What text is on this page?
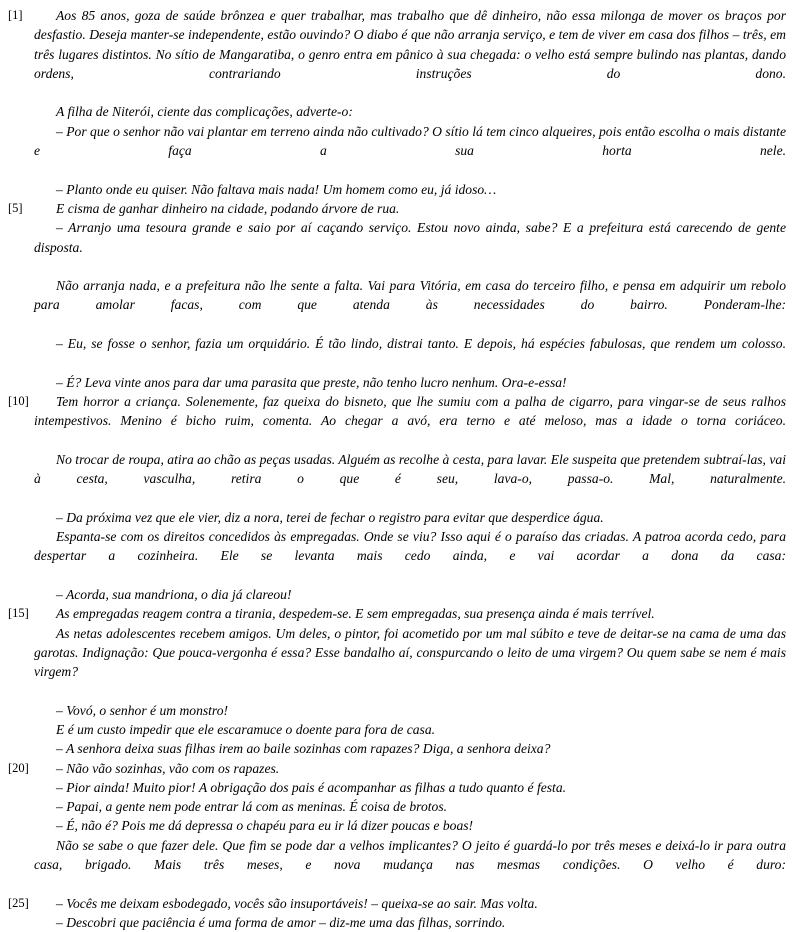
[1]	Aos 85 anos, goza de saúde brônzea e quer trabalhar, mas trabalho que dê dinheiro, não essa milonga de mover os braços por desfastio. Deseja manter-se independente, estão ouvindo? O diabo é que não arranja serviço, e tem de viver em casa dos filhos – três, em três lugares distintos. No sítio de Mangaratiba, o genro entra em pânico à sua chegada: o velho está sempre bulindo nas plantas, dando ordens, contrariando instruções do dono.

A filha de Niterói, ciente das complicações, adverte-o:

– Por que o senhor não vai plantar em terreno ainda não cultivado? O sítio lá tem cinco alqueires, pois então escolha o mais distante e faça a sua horta nele.

– Planto onde eu quiser. Não faltava mais nada! Um homem como eu, já idoso…

[5]	E cisma de ganhar dinheiro na cidade, podando árvore de rua.

– Arranjo uma tesoura grande e saio por aí caçando serviço. Estou novo ainda, sabe? E a prefeitura está carecendo de gente disposta.

Não arranja nada, e a prefeitura não lhe sente a falta. Vai para Vitória, em casa do terceiro filho, e pensa em adquirir um rebolo para amolar facas, com que atenda às necessidades do bairro. Ponderam-lhe:

– Eu, se fosse o senhor, fazia um orquidário. É tão lindo, distrai tanto. E depois, há espécies fabulosas, que rendem um colosso.

– É? Leva vinte anos para dar uma parasita que preste, não tenho lucro nenhum. Ora-e-essa!

[10]	Tem horror a criança. Solenemente, faz queixa do bisneto, que lhe sumiu com a palha de cigarro, para vingar-se de seus ralhos intempestivos. Menino é bicho ruim, comenta. Ao chegar a avó, era terno e até meloso, mas a idade o torna coriáceo.

No trocar de roupa, atira ao chão as peças usadas. Alguém as recolhe à cesta, para lavar. Ele suspeita que pretendem subtraí-las, vai à cesta, vasculha, retira o que é seu, lava-o, passa-o. Mal, naturalmente.

– Da próxima vez que ele vier, diz a nora, terei de fechar o registro para evitar que desperdice água.

Espanta-se com os direitos concedidos às empregadas. Onde se viu? Isso aqui é o paraíso das criadas. A patroa acorda cedo, para despertar a cozinheira. Ele se levanta mais cedo ainda, e vai acordar a dona da casa:

– Acorda, sua mandriona, o dia já clareou!

[15]	As empregadas reagem contra a tirania, despedem-se. E sem empregadas, sua presença ainda é mais terrível.

As netas adolescentes recebem amigos. Um deles, o pintor, foi acometido por um mal súbito e teve de deitar-se na cama de uma das garotas. Indignação: Que pouca-vergonha é essa? Esse bandalho aí, conspurcando o leito de uma virgem? Ou quem sabe se nem é mais virgem?

– Vovó, o senhor é um monstro!

E é um custo impedir que ele escaramuce o doente para fora de casa.

– A senhora deixa suas filhas irem ao baile sozinhas com rapazes? Diga, a senhora deixa?

[20]	– Não vão sozinhas, vão com os rapazes.

– Pior ainda! Muito pior! A obrigação dos pais é acompanhar as filhas a tudo quanto é festa.

– Papai, a gente nem pode entrar lá com as meninas. É coisa de brotos.

– É, não é? Pois me dá depressa o chapéu para eu ir lá dizer poucas e boas!

Não se sabe o que fazer dele. Que fim se pode dar a velhos implicantes? O jeito é guardá-lo por três meses e deixá-lo ir para outra casa, brigado. Mais três meses, e nova mudança nas mesmas condições. O velho é duro:

[25]	– Vocês me deixam esbodegado, vocês são insuportáveis! – queixa-se ao sair. Mas volta.

– Descobri que paciência é uma forma de amor – diz-me uma das filhas, sorrindo.
